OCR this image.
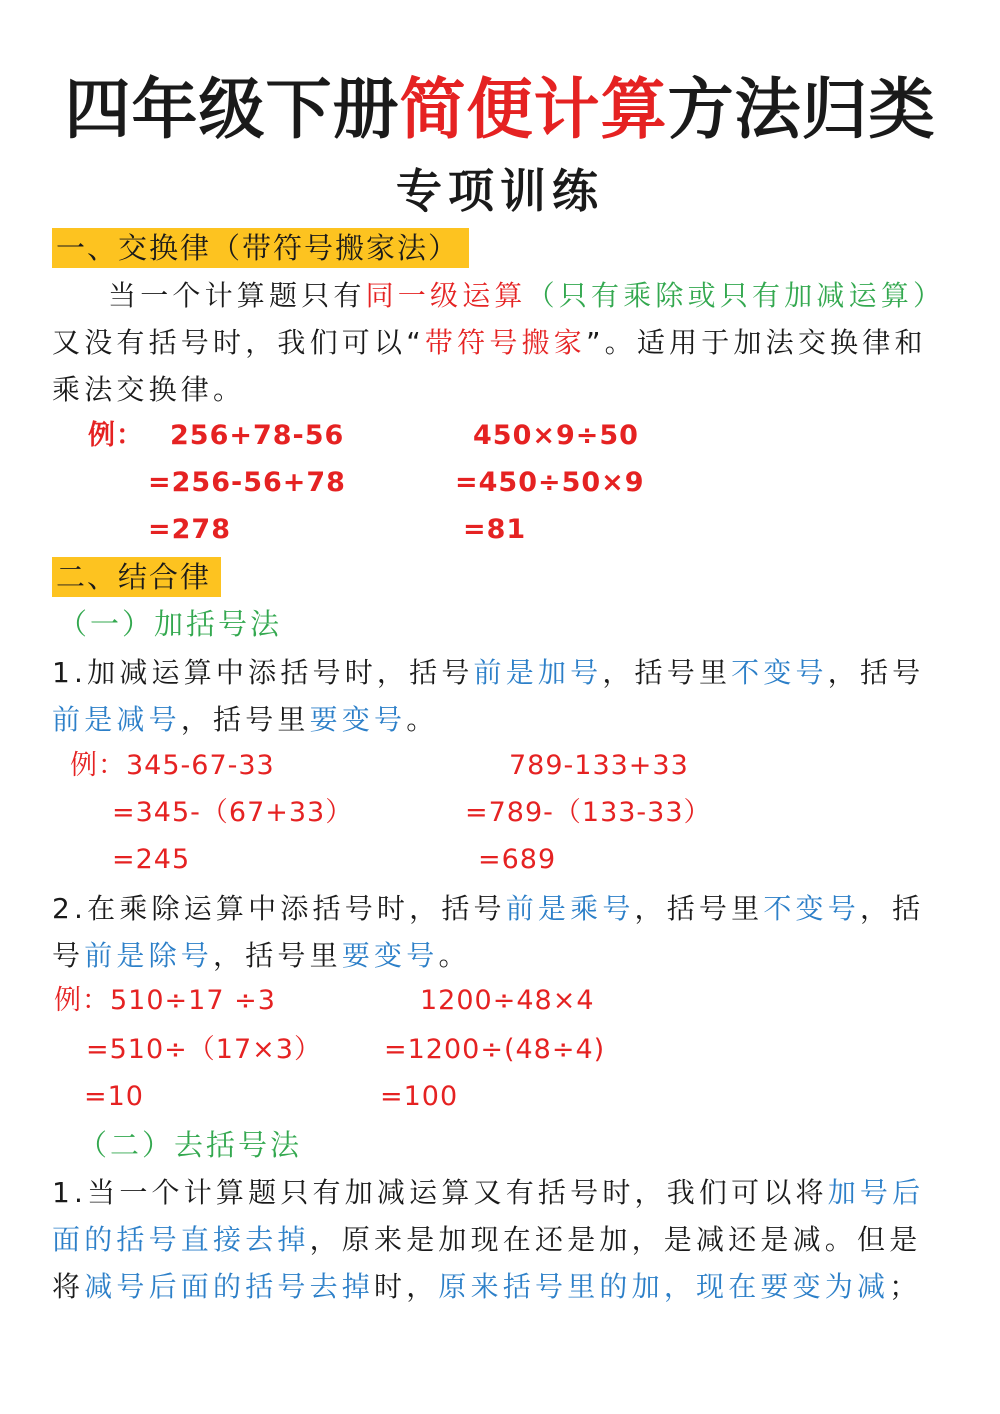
四年级下册简便计算方法归类
专项训练
一、交换律（带符号搬家法）

当一个计算题只有同一级运算（只有乘除或只有加减运算）又没有括号时，我们可以“带符号搬家”。适用于加法交换律和乘法交换律。

例： 256+78-56
=256-56+78
=278
450×9÷50
=450÷50×9
=81
二、结合律
（一）加括号法

1.加减运算中添括号时，括号前是加号，括号里不变号，括号前是减号，括号里要变号。

例：345-67-33
=345-（67+33）
=245
789-133+33
=789-（133-33）
=689

2.在乘除运算中添括号时，括号前是乘号，括号里不变号，括号前是除号，括号里要变号。

例：510÷17 ÷3
=510÷（17×3）
=10
1200÷48×4
=1200÷(48÷4)
=100
（二）去括号法

1.当一个计算题只有加减运算又有括号时，我们可以将加号后面的括号直接去掉，原来是加现在还是加，是减还是减。但是将减号后面的括号去掉时，原来括号里的加，现在要变为减；
